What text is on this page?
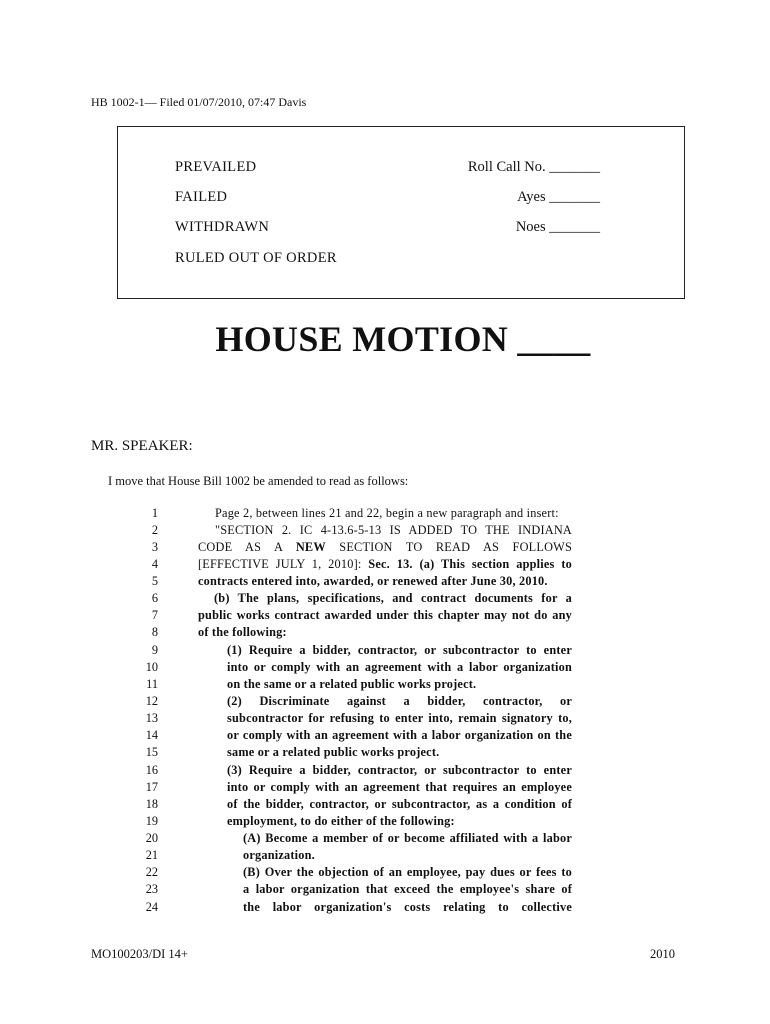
HB 1002-1— Filed 01/07/2010, 07:47 Davis
PREVAILED
FAILED
WITHDRAWN
RULED OUT OF ORDER
Roll Call No. _______
Ayes _______
Noes _______
HOUSE MOTION ____
MR. SPEAKER:
I move that House Bill 1002 be amended to read as follows:
1	Page 2, between lines 21 and 22, begin a new paragraph and insert:
2	"SECTION 2. IC 4-13.6-5-13 IS ADDED TO THE INDIANA
3	CODE AS A NEW SECTION TO READ AS FOLLOWS
4	[EFFECTIVE JULY 1, 2010]: Sec. 13. (a) This section applies to
5	contracts entered into, awarded, or renewed after June 30, 2010.
6	(b) The plans, specifications, and contract documents for a
7	public works contract awarded under this chapter may not do any
8	of the following:
9	(1) Require a bidder, contractor, or subcontractor to enter
10	into or comply with an agreement with a labor organization
11	on the same or a related public works project.
12	(2) Discriminate against a bidder, contractor, or
13	subcontractor for refusing to enter into, remain signatory to,
14	or comply with an agreement with a labor organization on the
15	same or a related public works project.
16	(3) Require a bidder, contractor, or subcontractor to enter
17	into or comply with an agreement that requires an employee
18	of the bidder, contractor, or subcontractor, as a condition of
19	employment, to do either of the following:
20	(A) Become a member of or become affiliated with a labor
21	organization.
22	(B) Over the objection of an employee, pay dues or fees to
23	a labor organization that exceed the employee's share of
24	the labor organization's costs relating to collective
MO100203/DI 14+	2010
